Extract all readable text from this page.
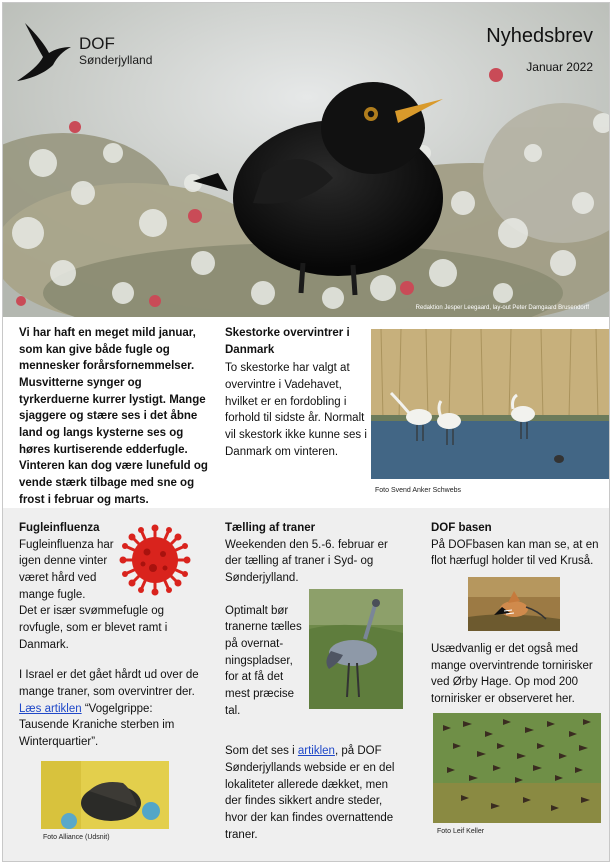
DOF
Sønderjylland
Nyhedsbrev
Januar 2022
Redaktion Jesper Leegaard, lay-out Peter Damgaard Brusendorff

Vi har haft en meget mild januar, som kan give både fugle og mennesker forårsfornemmelser. Musvitterne synger og tyrkerduerne kurrer lystigt. Mange sjaggere og stære ses i det åbne land og langs kysterne ses og høres kurtiserende edderfugle.

Vinteren kan dog være lunefuld og vende stærk tilbage med sne og frost i februar og marts.

Skestorke overvintrer i Danmark

To skestorke har valgt at overvintre i Vadehavet, hvilket er en fordobling i forhold til sidste år. Normalt vil skestork ikke kunne ses i Danmark om vinteren.

Foto Svend Anker Schwebs
Fugleinfluenza

Fugleinfluenza har igen denne vinter været hård ved mange fugle.

Det er især svømmefugle og rovfugle, som er blevet ramt i Danmark.

I Israel er det gået hårdt ud over de mange traner, som overvintrer der. Læs artiklen “Vogelgrippe: Tausende Kraniche sterben im Winterquartier”.

Foto Alliance (Udsnit)
Tælling af traner

Weekenden den 5.-6. februar er der tælling af traner i Syd- og Sønderjylland.

Optimalt bør tranerne tælles på overnat-ningspladser, for at få det mest præcise tal.

Som det ses i artiklen, på DOF Sønderjyllands webside er en del lokaliteter allerede dækket, men der findes sikkert andre steder, hvor der kan findes overnattende traner.

DOF basen

På DOFbasen kan man se, at en flot hærfugl holder til ved Kruså.

Usædvanlig er det også med mange overvintrende tornirisker ved Ørby Hage. Op mod 200 tornirisker er observeret her.

Foto Leif Keller
